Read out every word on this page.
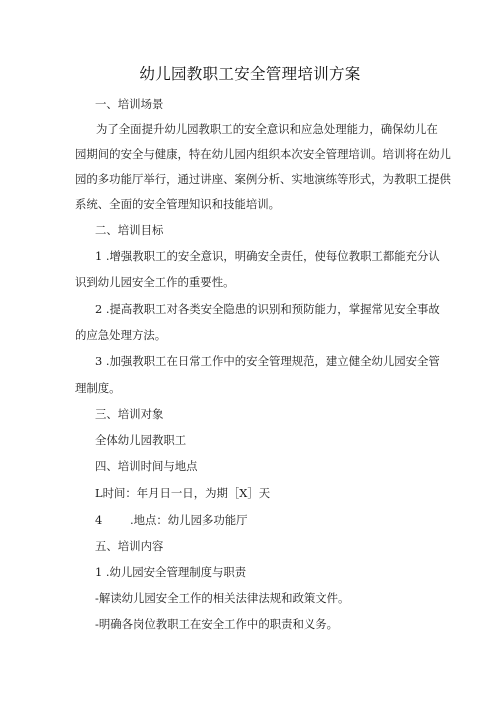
幼儿园教职工安全管理培训方案
一、培训场景
为了全面提升幼儿园教职工的安全意识和应急处理能力，确保幼儿在
园期间的安全与健康，特在幼儿园内组织本次安全管理培训。培训将在幼儿
园的多功能厅举行，通过讲座、案例分析、实地演练等形式，为教职工提供
系统、全面的安全管理知识和技能培训。
二、培训目标
1 .增强教职工的安全意识，明确安全责任，使每位教职工都能充分认
识到幼儿园安全工作的重要性。
2 .提高教职工对各类安全隐患的识别和预防能力，掌握常见安全事故
的应急处理方法。
3 .加强教职工在日常工作中的安全管理规范，建立健全幼儿园安全管
理制度。
三、培训对象
全体幼儿园教职工
四、培训时间与地点
L时间：年月日一日，为期［X］天
4 .地点：幼儿园多功能厅
五、培训内容
1 .幼儿园安全管理制度与职责
-解读幼儿园安全工作的相关法律法规和政策文件。
-明确各岗位教职工在安全工作中的职责和义务。
